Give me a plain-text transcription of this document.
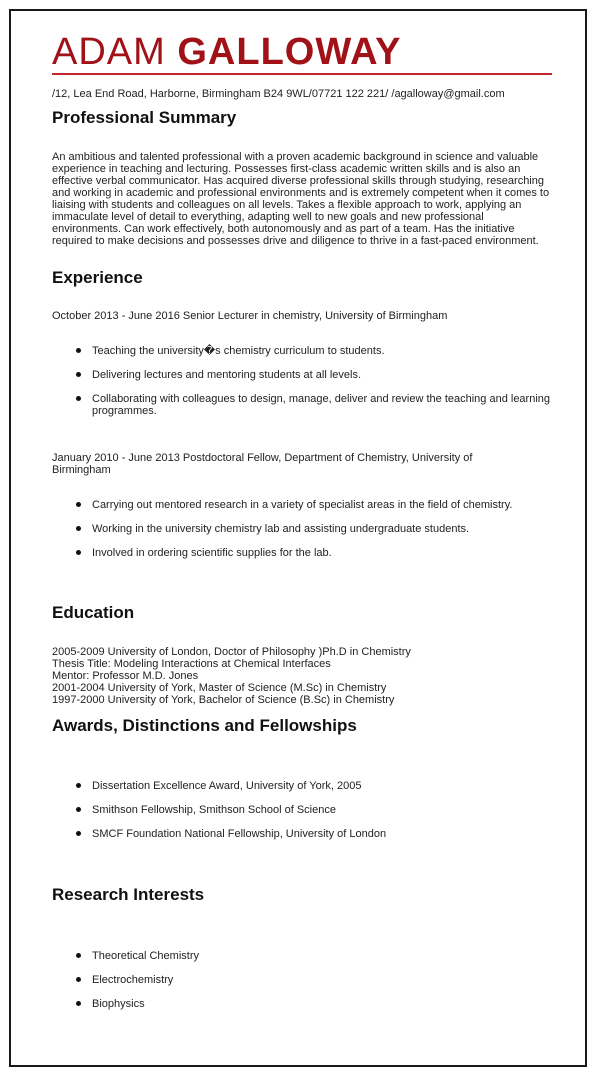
ADAM GALLOWAY
/12, Lea End Road, Harborne, Birmingham B24 9WL/07721 122 221/ /agalloway@gmail.com
Professional Summary
An ambitious and talented professional with a proven academic background in science and valuable experience in teaching and lecturing. Possesses first-class academic written skills and is also an effective verbal communicator. Has acquired diverse professional skills through studying, researching and working in academic and professional environments and is extremely competent when it comes to liaising with students and colleagues on all levels. Takes a flexible approach to work, applying an immaculate level of detail to everything, adapting well to new goals and new professional environments. Can work effectively, both autonomously and as part of a team. Has the initiative required to make decisions and possesses drive and diligence to thrive in a fast-paced environment.
Experience
October 2013 - June 2016 Senior Lecturer in chemistry, University of Birmingham
Teaching the university�s chemistry curriculum to students.
Delivering lectures and mentoring students at all levels.
Collaborating with colleagues to design, manage, deliver and review the teaching and learning programmes.
January 2010 - June 2013 Postdoctoral Fellow, Department of Chemistry, University of Birmingham
Carrying out mentored research in a variety of specialist areas in the field of chemistry.
Working in the university chemistry lab and assisting undergraduate students.
Involved in ordering scientific supplies for the lab.
Education
2005-2009 University of London, Doctor of Philosophy )Ph.D in Chemistry
Thesis Title: Modeling Interactions at Chemical Interfaces
Mentor: Professor M.D. Jones
2001-2004 University of York, Master of Science (M.Sc) in Chemistry
1997-2000 University of York, Bachelor of Science (B.Sc) in Chemistry
Awards, Distinctions and Fellowships
Dissertation Excellence Award, University of York, 2005
Smithson Fellowship, Smithson School of Science
SMCF Foundation National Fellowship, University of London
Research Interests
Theoretical Chemistry
Electrochemistry
Biophysics
